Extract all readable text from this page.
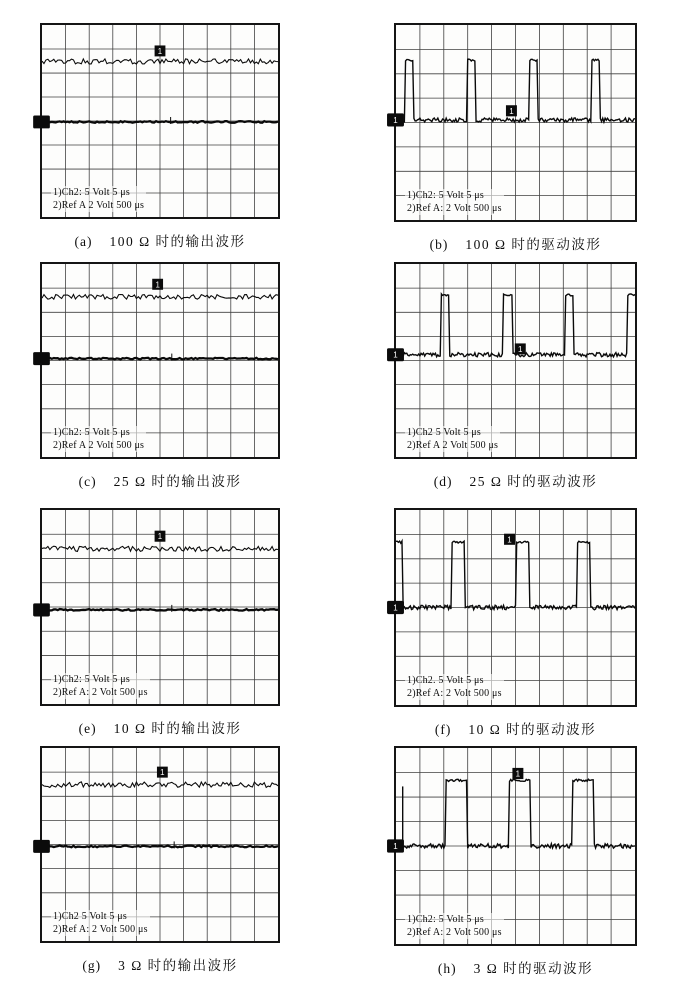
1
1)Ch2: 5 Volt 5 μs
2)Ref A 2 Volt 500 μs
(a) 100 Ω 时的输出波形
1
1
1)Ch2: 5 Volt 5 μs
2)Ref A: 2 Volt 500 μs
(b) 100 Ω 时的驱动波形
1
1)Ch2: 5 Volt 5 μs
2)Ref A 2 Volt 500 μs
(c) 25 Ω 时的输出波形
1
1
1)Ch2 5 Volt 5 μs
2)Ref A 2 Volt 500 μs
(d) 25 Ω 时的驱动波形
1
1)Ch2: 5 Volt 5 μs
2)Ref A: 2 Volt 500 μs
(e) 10 Ω 时的输出波形
1
1
1)Ch2. 5 Volt 5 μs
2)Ref A: 2 Volt 500 μs
(f) 10 Ω 时的驱动波形
1
1)Ch2 5 Volt 5 μs
2)Ref A: 2 Volt 500 μs
(g) 3 Ω 时的输出波形
1
1
1)Ch2: 5 Volt 5 μs
2)Ref A: 2 Volt 500 μs
(h) 3 Ω 时的驱动波形
